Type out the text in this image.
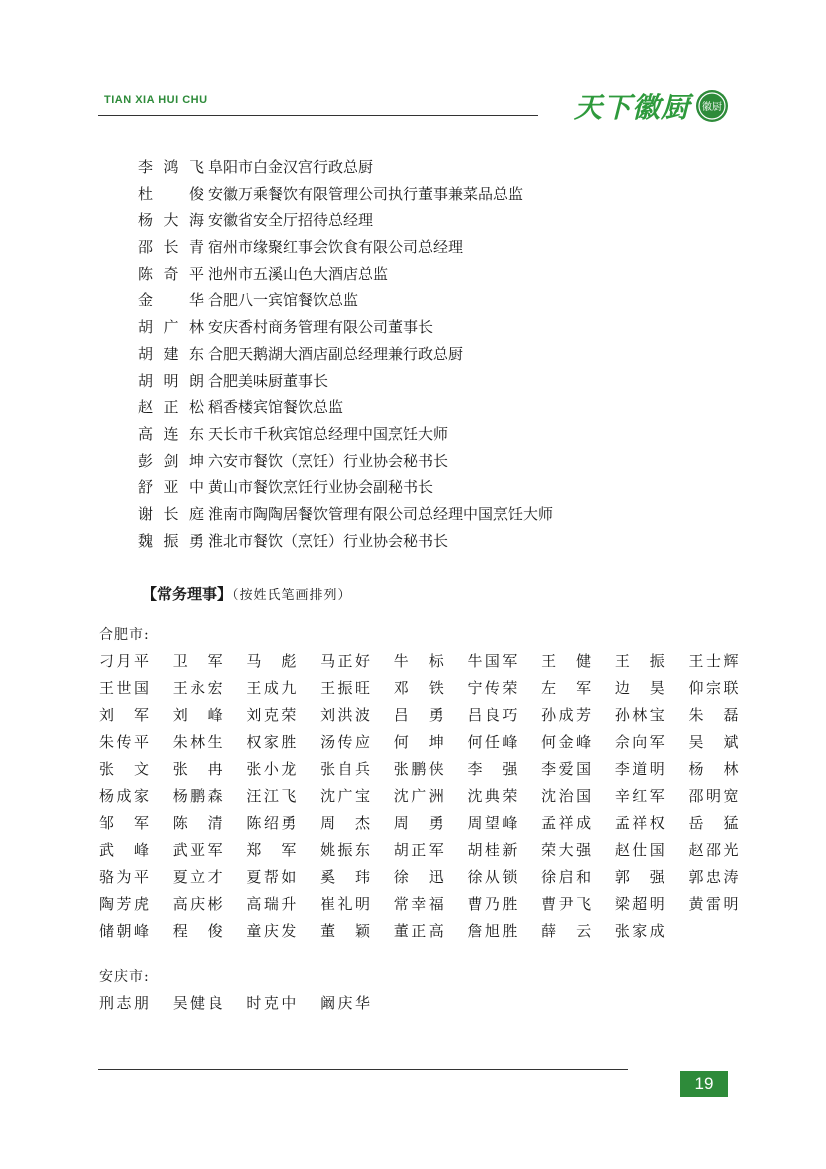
TIAN XIA HUI CHU	天下徽厨 徽厨
李鸿飞 阜阳市白金汉宫行政总厨
杜俊 安徽万乘餐饮有限管理公司执行董事兼菜品总监
杨大海 安徽省安全厅招待总经理
邵长青 宿州市缘聚红事会饮食有限公司总经理
陈奇平 池州市五溪山色大酒店总监
金华 合肥八一宾馆餐饮总监
胡广林 安庆香村商务管理有限公司董事长
胡建东 合肥天鹅湖大酒店副总经理兼行政总厨
胡明朗 合肥美味厨董事长
赵正松 稻香楼宾馆餐饮总监
高连东 天长市千秋宾馆总经理中国烹饪大师
彭剑坤 六安市餐饮（烹饪）行业协会秘书长
舒亚中 黄山市餐饮烹饪行业协会副秘书长
谢长庭 淮南市陶陶居餐饮管理有限公司总经理中国烹饪大师
魏振勇 淮北市餐饮（烹饪）行业协会秘书长
【常务理事】（按姓氏笔画排列）
合肥市:
刁月平 卫军 马彪 马正好 牛标 牛国军 王健 王振 王士辉
王世国 王永宏 王成九 王振旺 邓铁 宁传荣 左军 边昊 仰宗联
刘军 刘峰 刘克荣 刘洪波 吕勇 吕良巧 孙成芳 孙林宝 朱磊
朱传平 朱林生 权家胜 汤传应 何坤 何任峰 何金峰 佘向军 吴斌
张文 张冉 张小龙 张自兵 张鹏侠 李强 李爱国 李道明 杨林
杨成家 杨鹏森 汪江飞 沈广宝 沈广洲 沈典荣 沈治国 辛红军 邵明宽
邹军 陈清 陈绍勇 周杰 周勇 周望峰 孟祥成 孟祥权 岳猛
武峰 武亚军 郑军 姚振东 胡正军 胡桂新 荣大强 赵仕国 赵邵光
骆为平 夏立才 夏帮如 奚玮 徐迅 徐从锁 徐启和 郭强 郭忠涛
陶芳虎 高庆彬 高瑞升 崔礼明 常幸福 曹乃胜 曹尹飞 梁超明 黄雷明
储朝峰 程俊 童庆发 董颖 董正高 詹旭胜 薛云 张家成
安庆市:
刑志朋 吴健良 时克中 阚庆华
19
